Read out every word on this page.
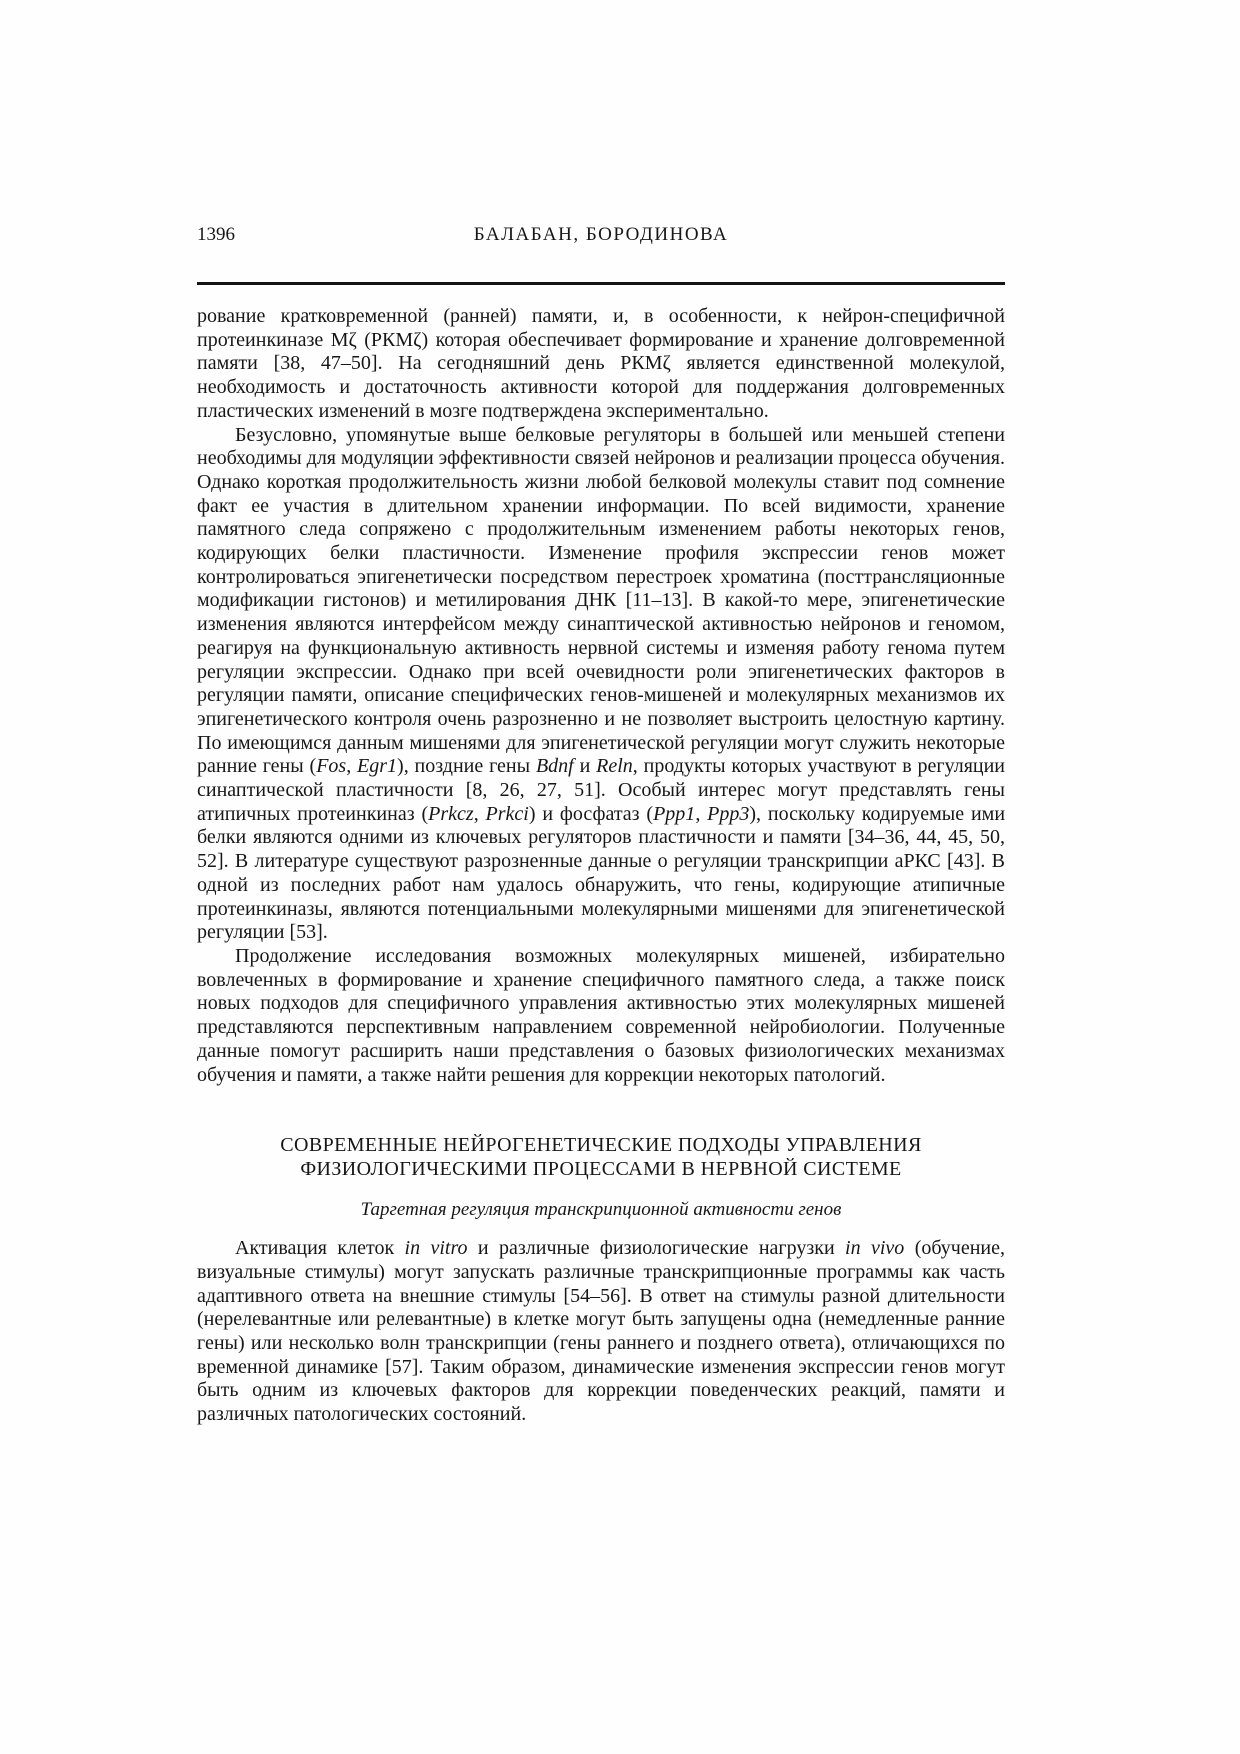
1396	БАЛАБАН, БОРОДИНОВА

рование кратковременной (ранней) памяти, и, в особенности, к нейрон-специфичной протеинкиназе Мζ (РКМζ) которая обеспечивает формирование и хранение долговременной памяти [38, 47–50]. На сегодняшний день РКМζ является единственной молекулой, необходимость и достаточность активности которой для поддержания долговременных пластических изменений в мозге подтверждена экспериментально.

Безусловно, упомянутые выше белковые регуляторы в большей или меньшей степени необходимы для модуляции эффективности связей нейронов и реализации процесса обучения. Однако короткая продолжительность жизни любой белковой молекулы ставит под сомнение факт ее участия в длительном хранении информации. По всей видимости, хранение памятного следа сопряжено с продолжительным изменением работы некоторых генов, кодирующих белки пластичности. Изменение профиля экспрессии генов может контролироваться эпигенетически посредством перестроек хроматина (посттрансляционные модификации гистонов) и метилирования ДНК [11–13]. В какой-то мере, эпигенетические изменения являются интерфейсом между синаптической активностью нейронов и геномом, реагируя на функциональную активность нервной системы и изменяя работу генома путем регуляции экспрессии. Однако при всей очевидности роли эпигенетических факторов в регуляции памяти, описание специфических генов-мишеней и молекулярных механизмов их эпигенетического контроля очень разрозненно и не позволяет выстроить целостную картину. По имеющимся данным мишенями для эпигенетической регуляции могут служить некоторые ранние гены (Fos, Egr1), поздние гены Bdnf и Reln, продукты которых участвуют в регуляции синаптической пластичности [8, 26, 27, 51]. Особый интерес могут представлять гены атипичных протеинкиназ (Prkcz, Prkci) и фосфатаз (Ppp1, Ppp3), поскольку кодируемые ими белки являются одними из ключевых регуляторов пластичности и памяти [34–36, 44, 45, 50, 52]. В литературе существуют разрозненные данные о регуляции транскрипции аРКС [43]. В одной из последних работ нам удалось обнаружить, что гены, кодирующие атипичные протеинкиназы, являются потенциальными молекулярными мишенями для эпигенетической регуляции [53].

Продолжение исследования возможных молекулярных мишеней, избирательно вовлеченных в формирование и хранение специфичного памятного следа, а также поиск новых подходов для специфичного управления активностью этих молекулярных мишеней представляются перспективным направлением современной нейробиологии. Полученные данные помогут расширить наши представления о базовых физиологических механизмах обучения и памяти, а также найти решения для коррекции некоторых патологий.

СОВРЕМЕННЫЕ НЕЙРОГЕНЕТИЧЕСКИЕ ПОДХОДЫ УПРАВЛЕНИЯ
ФИЗИОЛОГИЧЕСКИМИ ПРОЦЕССАМИ В НЕРВНОЙ СИСТЕМЕ
Таргетная регуляция транскрипционной активности генов

Активация клеток in vitro и различные физиологические нагрузки in vivo (обучение, визуальные стимулы) могут запускать различные транскрипционные программы как часть адаптивного ответа на внешние стимулы [54–56]. В ответ на стимулы разной длительности (нерелевантные или релевантные) в клетке могут быть запущены одна (немедленные ранние гены) или несколько волн транскрипции (гены раннего и позднего ответа), отличающихся по временной динамике [57]. Таким образом, динамические изменения экспрессии генов могут быть одним из ключевых факторов для коррекции поведенческих реакций, памяти и различных патологических состояний.
